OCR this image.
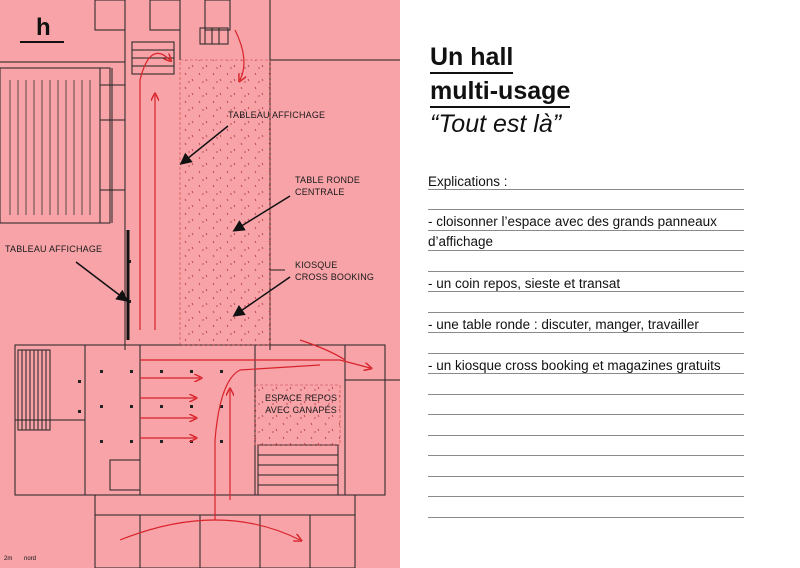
h
TABLEAU AFFICHAGE
TABLE RONDE
CENTRALE
TABLEAU AFFICHAGE
KIOSQUE
CROSS BOOKING
ESPACE REPOS
AVEC CANAPÉS
2m nord
Un hall
multi-usage
“Tout est là”
Explications :
- cloisonner l’espace avec des grands panneaux d’affichage
- un coin repos, sieste et transat
- une table ronde : discuter, manger, travailler
- un kiosque cross booking et magazines gratuits
